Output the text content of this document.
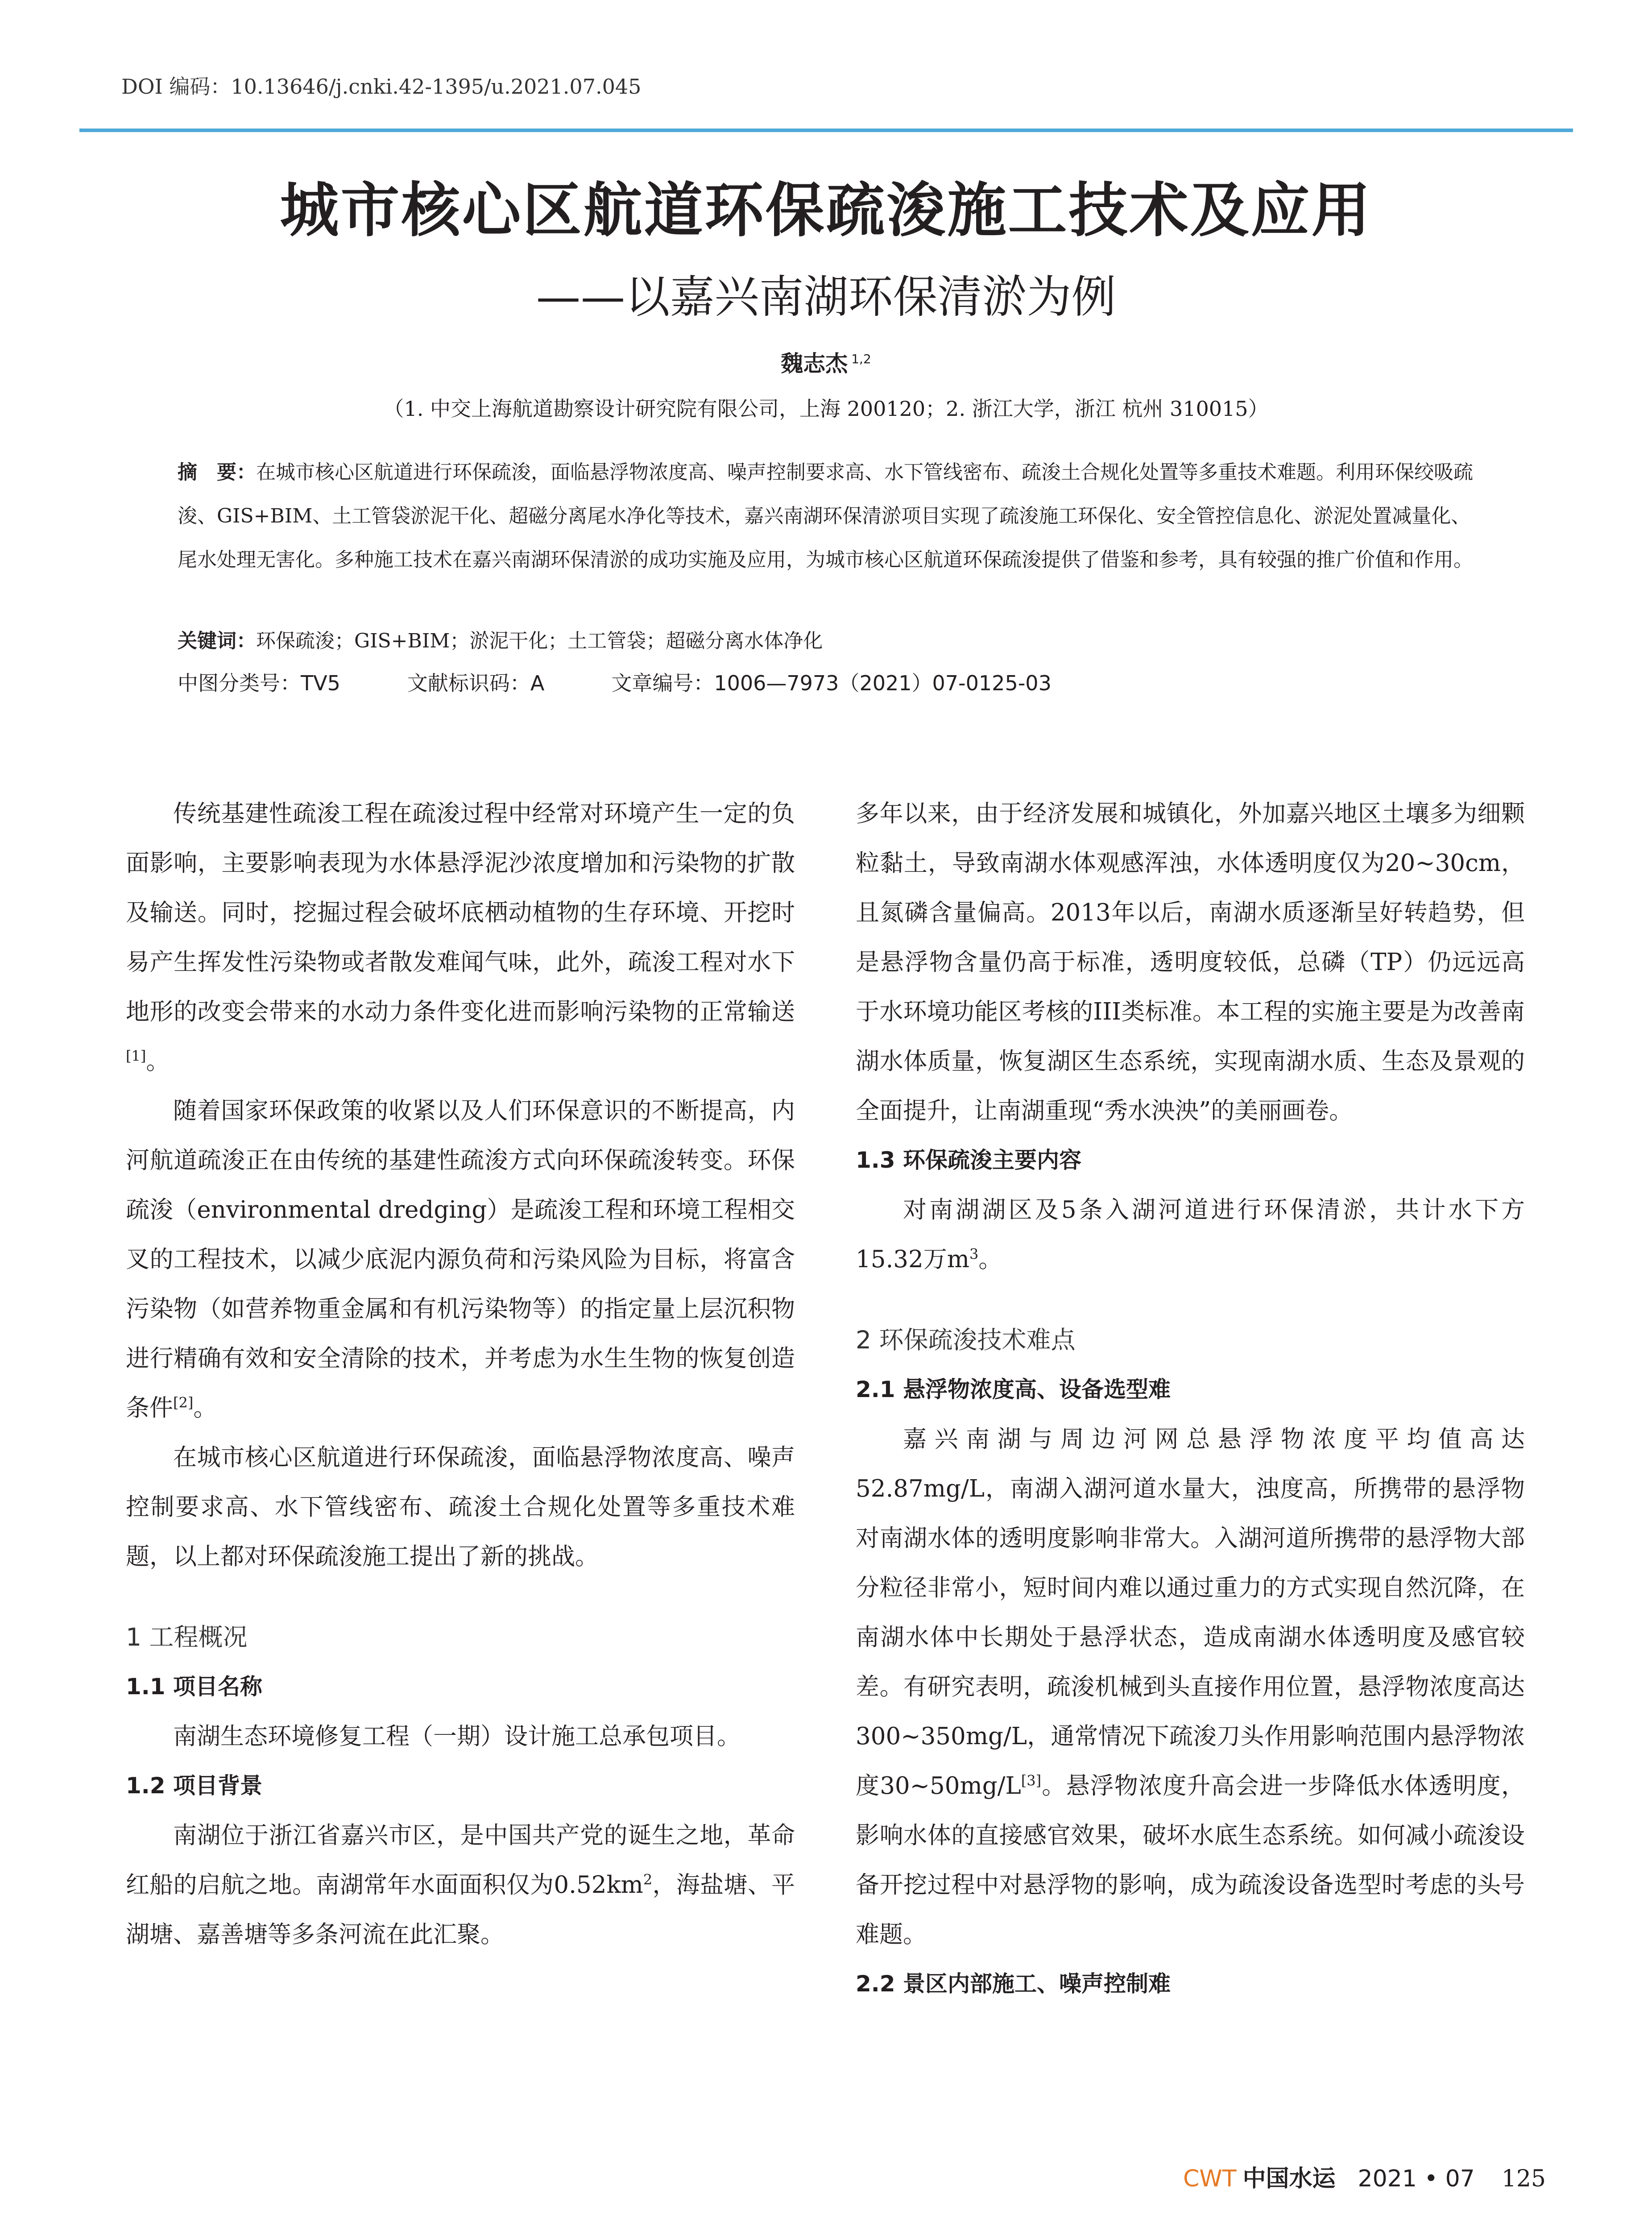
DOI 编码：10.13646/j.cnki.42-1395/u.2021.07.045
城市核心区航道环保疏浚施工技术及应用
——以嘉兴南湖环保清淤为例
魏志杰 $^{1,2}$
（1. 中交上海航道勘察设计研究院有限公司，上海 200120；2. 浙江大学，浙江 杭州 310015）
摘　要：在城市核心区航道进行环保疏浚，面临悬浮物浓度高、噪声控制要求高、水下管线密布、疏浚土合规化处置等多重技术难题。利用环保绞吸疏浚、GIS+BIM、土工管袋淤泥干化、超磁分离尾水净化等技术，嘉兴南湖环保清淤项目实现了疏浚施工环保化、安全管控信息化、淤泥处置减量化、尾水处理无害化。多种施工技术在嘉兴南湖环保清淤的成功实施及应用，为城市核心区航道环保疏浚提供了借鉴和参考，具有较强的推广价值和作用。
关键词：环保疏浚；GIS+BIM；淤泥干化；土工管袋；超磁分离水体净化
中图分类号：TV5	文献标识码：A	文章编号：1006—7973（2021）07-0125-03

传统基建性疏浚工程在疏浚过程中经常对环境产生一定的负面影响，主要影响表现为水体悬浮泥沙浓度增加和污染物的扩散及输送。同时，挖掘过程会破坏底栖动植物的生存环境、开挖时易产生挥发性污染物或者散发难闻气味，此外，疏浚工程对水下地形的改变会带来的水动力条件变化进而影响污染物的正常输送[1]。

随着国家环保政策的收紧以及人们环保意识的不断提高，内河航道疏浚正在由传统的基建性疏浚方式向环保疏浚转变。环保疏浚（environmental dredging）是疏浚工程和环境工程相交叉的工程技术，以减少底泥内源负荷和污染风险为目标，将富含污染物（如营养物重金属和有机污染物等）的指定量上层沉积物进行精确有效和安全清除的技术，并考虑为水生生物的恢复创造条件[2]。

在城市核心区航道进行环保疏浚，面临悬浮物浓度高、噪声控制要求高、水下管线密布、疏浚土合规化处置等多重技术难题，以上都对环保疏浚施工提出了新的挑战。

1 工程概况

1.1 项目名称

南湖生态环境修复工程（一期）设计施工总承包项目。

1.2 项目背景

南湖位于浙江省嘉兴市区，是中国共产党的诞生之地，革命红船的启航之地。南湖常年水面面积仅为$0.52km^2$，海盐塘、平湖塘、嘉善塘等多条河流在此汇聚。

多年以来，由于经济发展和城镇化，外加嘉兴地区土壤多为细颗粒黏土，导致南湖水体观感浑浊，水体透明度仅为20~30cm，且氮磷含量偏高。2013年以后，南湖水质逐渐呈好转趋势，但是悬浮物含量仍高于标准，透明度较低，总磷（TP）仍远远高于水环境功能区考核的III类标准。本工程的实施主要是为改善南湖水体质量，恢复湖区生态系统，实现南湖水质、生态及景观的全面提升，让南湖重现“秀水泱泱”的美丽画卷。

1.3 环保疏浚主要内容

对南湖湖区及5条入湖河道进行环保清淤，共计水下方15.32万$m^3$。

2 环保疏浚技术难点

2.1 悬浮物浓度高、设备选型难

嘉兴南湖与周边河网总悬浮物浓度平均值高达52.87mg/L，南湖入湖河道水量大，浊度高，所携带的悬浮物对南湖水体的透明度影响非常大。入湖河道所携带的悬浮物大部分粒径非常小，短时间内难以通过重力的方式实现自然沉降，在南湖水体中长期处于悬浮状态，造成南湖水体透明度及感官较差。有研究表明，疏浚机械到头直接作用位置，悬浮物浓度高达300~350mg/L，通常情况下疏浚刀头作用影响范围内悬浮物浓度30~50mg/L[3]。悬浮物浓度升高会进一步降低水体透明度，影响水体的直接感官效果，破坏水底生态系统。如何减小疏浚设备开挖过程中对悬浮物的影响，成为疏浚设备选型时考虑的头号难题。

2.2 景区内部施工、噪声控制难

CWT 中国水运 2021 • 07 125
